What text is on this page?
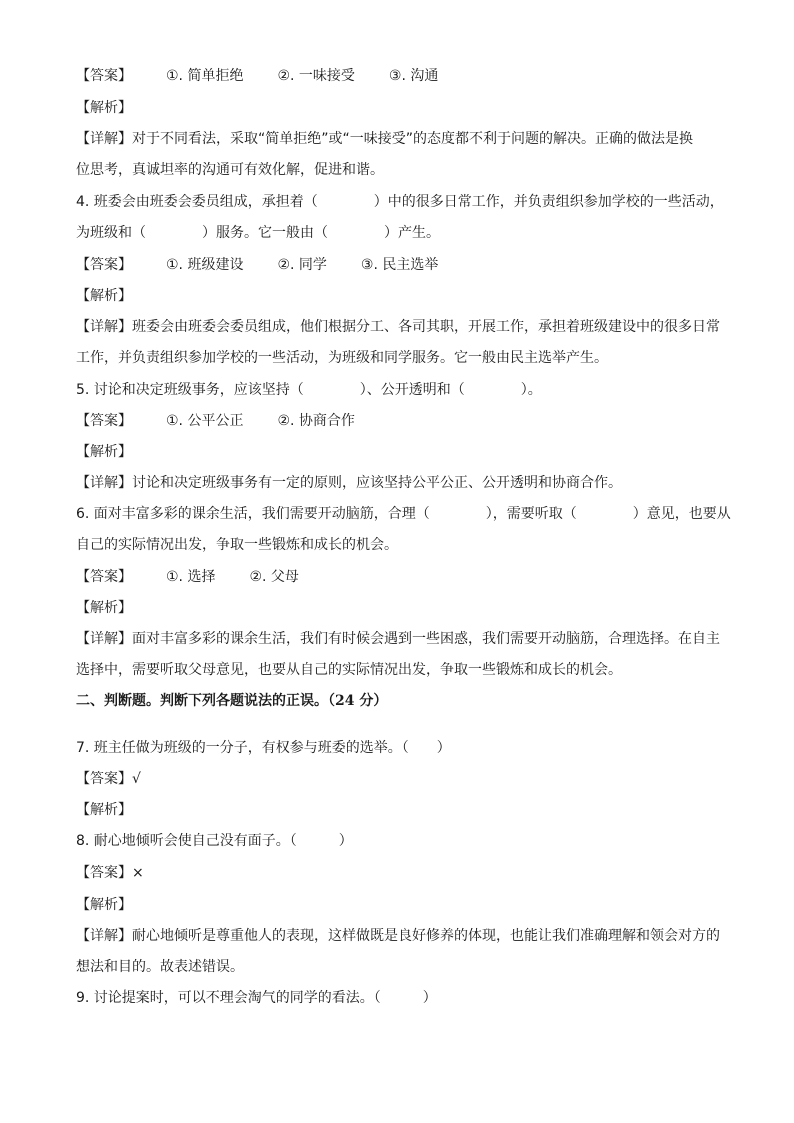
【答案】 ①. 简单拒绝 ②. 一味接受 ③. 沟通
【解析】
【详解】对于不同看法，采取“简单拒绝”或“一味接受”的态度都不利于问题的解决。正确的做法是换
位思考，真诚坦率的沟通可有效化解，促进和谐。
4. 班委会由班委会委员组成，承担着（　　　　）中的很多日常工作，并负责组织参加学校的一些活动，
为班级和（　　　　）服务。它一般由（　　　　）产生。
【答案】 ①. 班级建设 ②. 同学 ③. 民主选举
【解析】
【详解】班委会由班委会委员组成，他们根据分工、各司其职，开展工作，承担着班级建设中的很多日常
工作，并负责组织参加学校的一些活动，为班级和同学服务。它一般由民主选举产生。
5. 讨论和决定班级事务，应该坚持（　　　　）、公开透明和（　　　　）。
【答案】 ①. 公平公正 ②. 协商合作
【解析】
【详解】讨论和决定班级事务有一定的原则，应该坚持公平公正、公开透明和协商合作。
6. 面对丰富多彩的课余生活，我们需要开动脑筋，合理（　　　　），需要听取（　　　　）意见，也要从
自己的实际情况出发，争取一些锻炼和成长的机会。
【答案】 ①. 选择 ②. 父母
【解析】
【详解】面对丰富多彩的课余生活，我们有时候会遇到一些困惑，我们需要开动脑筋，合理选择。在自主
选择中，需要听取父母意见，也要从自己的实际情况出发，争取一些锻炼和成长的机会。
二、判断题。判断下列各题说法的正误。（24 分）
7. 班主任做为班级的一分子，有权参与班委的选举。（　　）
【答案】√
【解析】
8. 耐心地倾听会使自己没有面子。（　　　）
【答案】×
【解析】
【详解】耐心地倾听是尊重他人的表现，这样做既是良好修养的体现，也能让我们准确理解和领会对方的
想法和目的。故表述错误。
9. 讨论提案时，可以不理会淘气的同学的看法。（　　　）
